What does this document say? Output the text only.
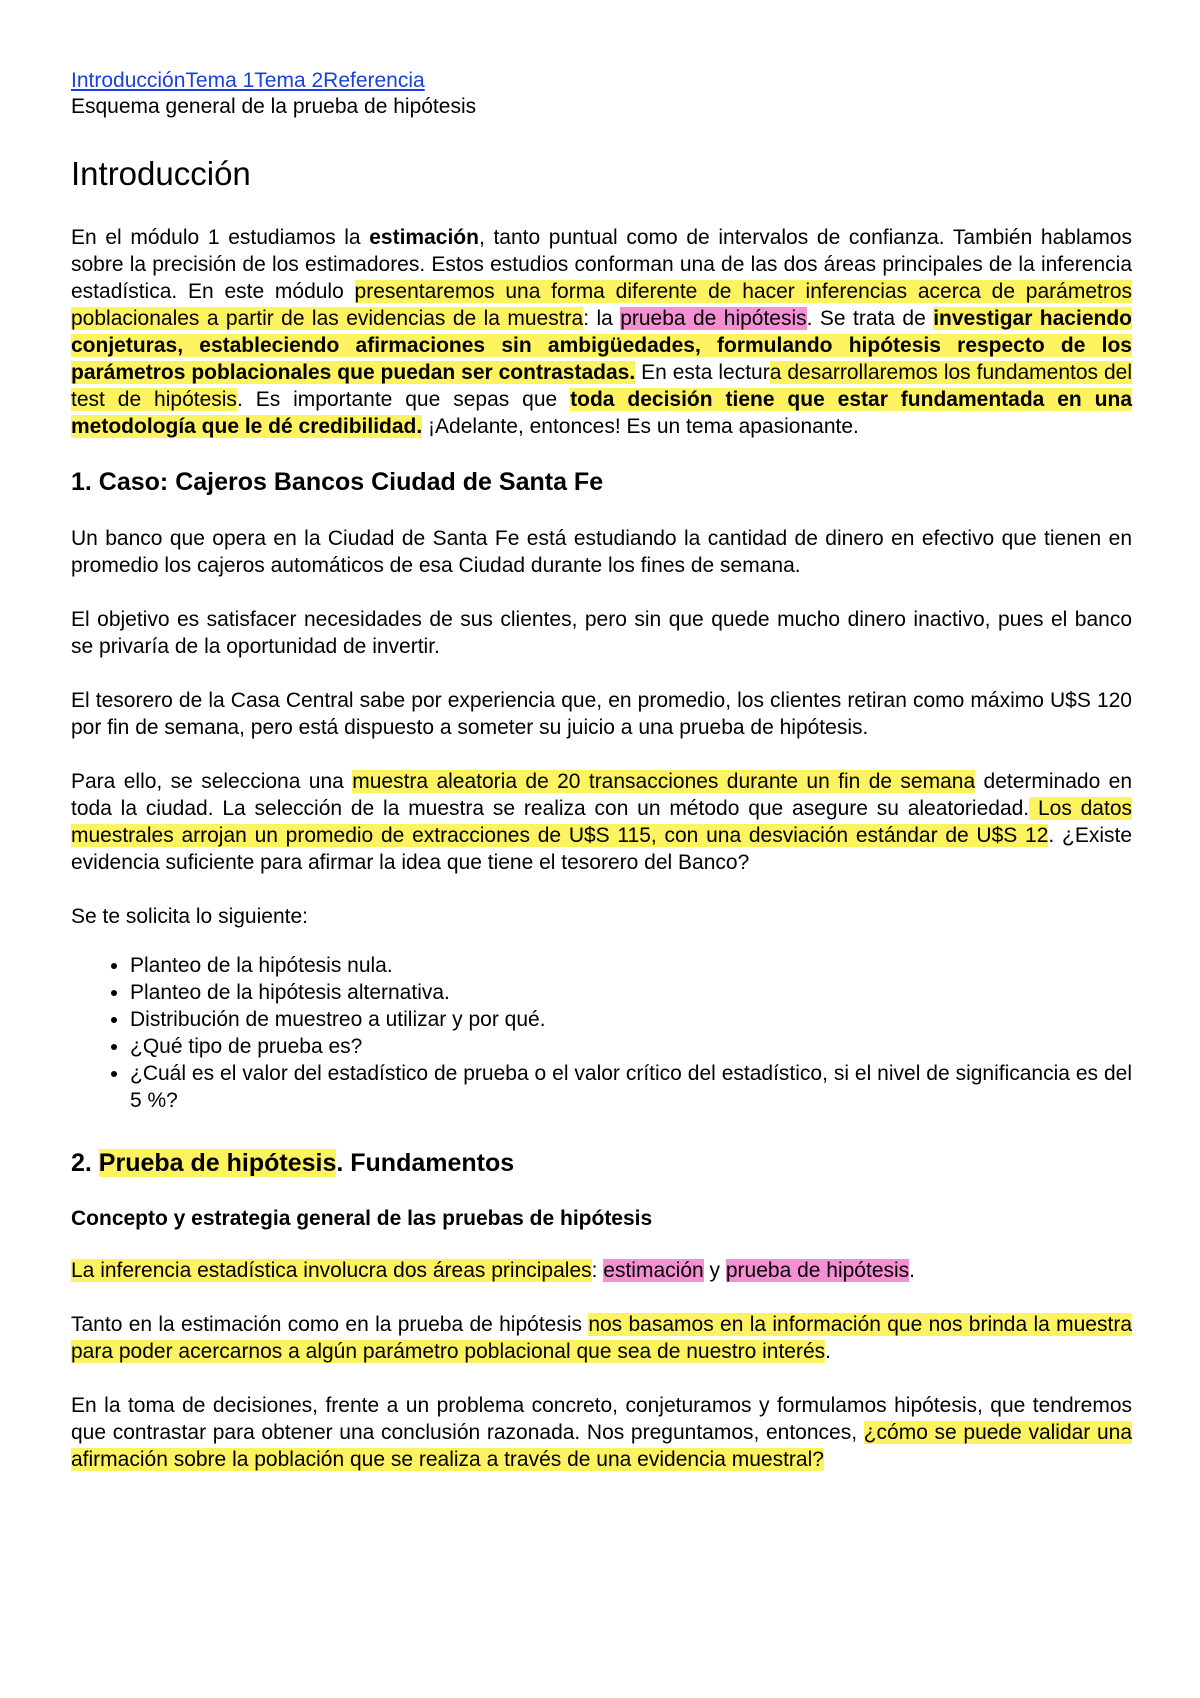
IntroducciónTema 1Tema 2Referencia

Esquema general de la prueba de hipótesis

Introducción

En el módulo 1 estudiamos la estimación, tanto puntual como de intervalos de confianza. También hablamos sobre la precisión de los estimadores. Estos estudios conforman una de las dos áreas principales de la inferencia estadística. En este módulo presentaremos una forma diferente de hacer inferencias acerca de parámetros poblacionales a partir de las evidencias de la muestra: la prueba de hipótesis. Se trata de investigar haciendo conjeturas, estableciendo afirmaciones sin ambigüedades, formulando hipótesis respecto de los parámetros poblacionales que puedan ser contrastadas. En esta lectura desarrollaremos los fundamentos del test de hipótesis. Es importante que sepas que toda decisión tiene que estar fundamentada en una metodología que le dé credibilidad. ¡Adelante, entonces! Es un tema apasionante.

1. Caso: Cajeros Bancos Ciudad de Santa Fe

Un banco que opera en la Ciudad de Santa Fe está estudiando la cantidad de dinero en efectivo que tienen en promedio los cajeros automáticos de esa Ciudad durante los fines de semana.

El objetivo es satisfacer necesidades de sus clientes, pero sin que quede mucho dinero inactivo, pues el banco se privaría de la oportunidad de invertir.

El tesorero de la Casa Central sabe por experiencia que, en promedio, los clientes retiran como máximo U$S 120 por fin de semana, pero está dispuesto a someter su juicio a una prueba de hipótesis.

Para ello, se selecciona una muestra aleatoria de 20 transacciones durante un fin de semana determinado en toda la ciudad. La selección de la muestra se realiza con un método que asegure su aleatoriedad. Los datos muestrales arrojan un promedio de extracciones de U$S 115, con una desviación estándar de U$S 12. ¿Existe evidencia suficiente para afirmar la idea que tiene el tesorero del Banco?

Se te solicita lo siguiente:

• Planteo de la hipótesis nula.
• Planteo de la hipótesis alternativa.
• Distribución de muestreo a utilizar y por qué.
• ¿Qué tipo de prueba es?
• ¿Cuál es el valor del estadístico de prueba o el valor crítico del estadístico, si el nivel de significancia es del 5 %?
2. Prueba de hipótesis. Fundamentos
Concepto y estrategia general de las pruebas de hipótesis

La inferencia estadística involucra dos áreas principales: estimación y prueba de hipótesis.

Tanto en la estimación como en la prueba de hipótesis nos basamos en la información que nos brinda la muestra para poder acercarnos a algún parámetro poblacional que sea de nuestro interés.

En la toma de decisiones, frente a un problema concreto, conjeturamos y formulamos hipótesis, que tendremos que contrastar para obtener una conclusión razonada. Nos preguntamos, entonces, ¿cómo se puede validar una afirmación sobre la población que se realiza a través de una evidencia muestral?
